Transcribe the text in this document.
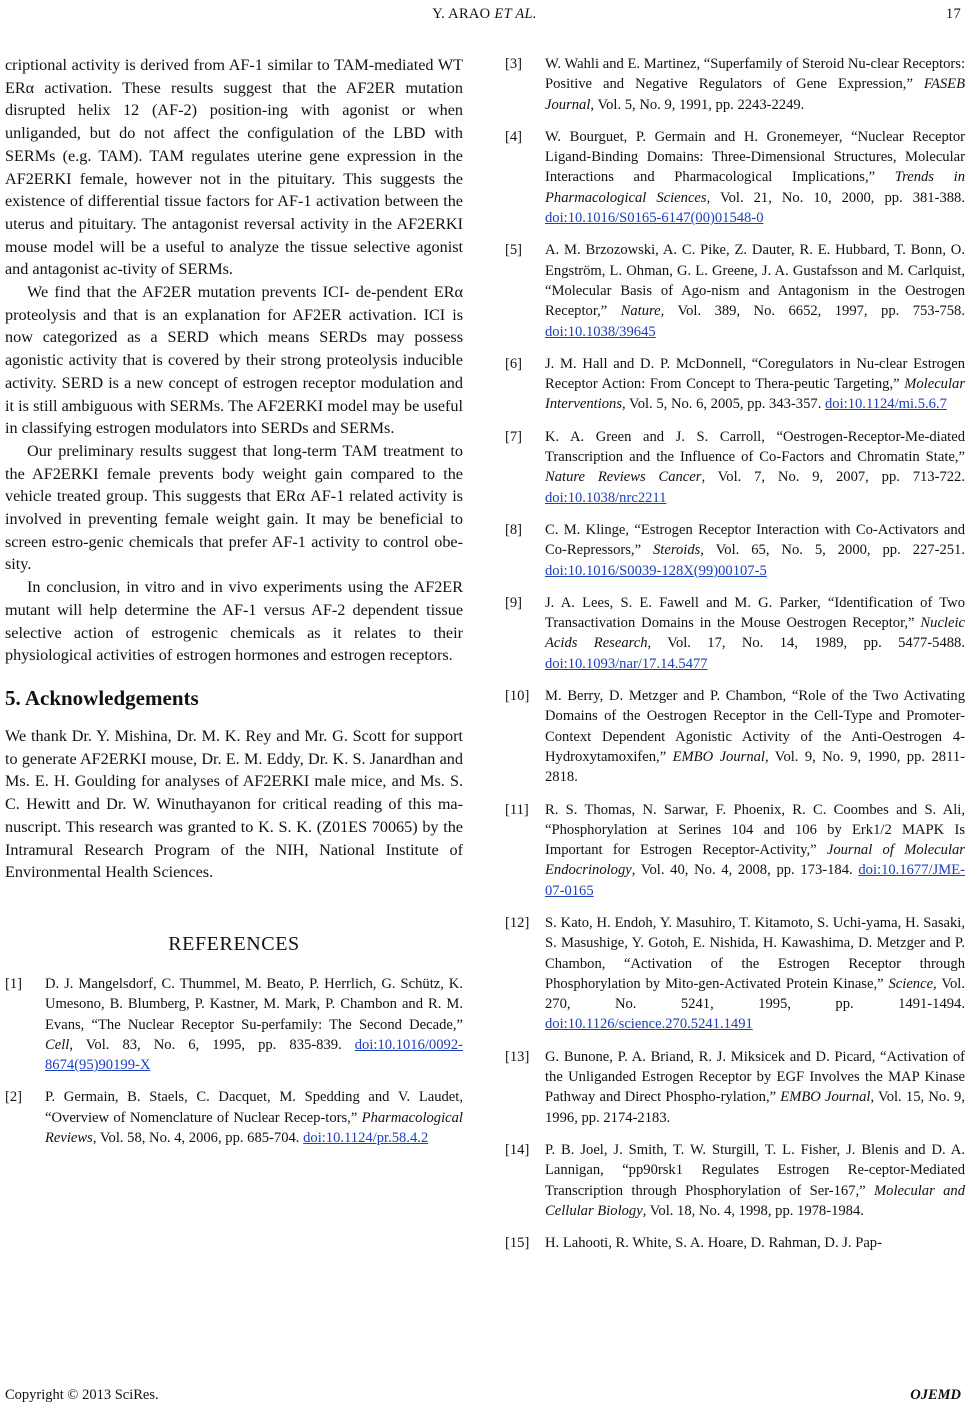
Y. ARAO ET AL.	17

criptional activity is derived from AF-1 similar to TAM-mediated WT ERα activation. These results suggest that the AF2ER mutation disrupted helix 12 (AF-2) position-ing with agonist or when unliganded, but do not affect the configulation of the LBD with SERMs (e.g. TAM). TAM regulates uterine gene expression in the AF2ERKI female, however not in the pituitary. This suggests the existence of differential tissue factors for AF-1 activation between the uterus and pituitary. The antagonist reversal activity in the AF2ERKI mouse model will be a useful to analyze the tissue selective agonist and antagonist ac-tivity of SERMs.

We find that the AF2ER mutation prevents ICI- de-pendent ERα proteolysis and that is an explanation for AF2ER activation. ICI is now categorized as a SERD which means SERDs may possess agonistic activity that is covered by their strong proteolysis inducible activity. SERD is a new concept of estrogen receptor modulation and it is still ambiguous with SERMs. The AF2ERKI model may be useful in classifying estrogen modulators into SERDs and SERMs.

Our preliminary results suggest that long-term TAM treatment to the AF2ERKI female prevents body weight gain compared to the vehicle treated group. This suggests that ERα AF-1 related activity is involved in preventing female weight gain. It may be beneficial to screen estro-genic chemicals that prefer AF-1 activity to control obe-sity.

In conclusion, in vitro and in vivo experiments using the AF2ER mutant will help determine the AF-1 versus AF-2 dependent tissue selective action of estrogenic chemicals as it relates to their physiological activities of estrogen hormones and estrogen receptors.

5. Acknowledgements

We thank Dr. Y. Mishina, Dr. M. K. Rey and Mr. G. Scott for support to generate AF2ERKI mouse, Dr. E. M. Eddy, Dr. K. S. Janardhan and Ms. E. H. Goulding for analyses of AF2ERKI male mice, and Ms. S. C. Hewitt and Dr. W. Winuthayanon for critical reading of this ma-nuscript. This research was granted to K. S. K. (Z01ES 70065) by the Intramural Research Program of the NIH, National Institute of Environmental Health Sciences.

REFERENCES
[1]	D. J. Mangelsdorf, C. Thummel, M. Beato, P. Herrlich, G. Schütz, K. Umesono, B. Blumberg, P. Kastner, M. Mark, P. Chambon and R. M. Evans, “The Nuclear Receptor Su-perfamily: The Second Decade,” Cell, Vol. 83, No. 6, 1995, pp. 835-839. doi:10.1016/0092-8674(95)90199-X
[2]	P. Germain, B. Staels, C. Dacquet, M. Spedding and V. Laudet, “Overview of Nomenclature of Nuclear Recep-tors,” Pharmacological Reviews, Vol. 58, No. 4, 2006, pp. 685-704. doi:10.1124/pr.58.4.2
[3]	W. Wahli and E. Martinez, “Superfamily of Steroid Nu-clear Receptors: Positive and Negative Regulators of Gene Expression,” FASEB Journal, Vol. 5, No. 9, 1991, pp. 2243-2249.
[4]	W. Bourguet, P. Germain and H. Gronemeyer, “Nuclear Receptor Ligand-Binding Domains: Three-Dimensional Structures, Molecular Interactions and Pharmacological Implications,” Trends in Pharmacological Sciences, Vol. 21, No. 10, 2000, pp. 381-388. doi:10.1016/S0165-6147(00)01548-0
[5]	A. M. Brzozowski, A. C. Pike, Z. Dauter, R. E. Hubbard, T. Bonn, O. Engström, L. Ohman, G. L. Greene, J. A. Gustafsson and M. Carlquist, “Molecular Basis of Ago-nism and Antagonism in the Oestrogen Receptor,” Nature, Vol. 389, No. 6652, 1997, pp. 753-758. doi:10.1038/39645
[6]	J. M. Hall and D. P. McDonnell, “Coregulators in Nu-clear Estrogen Receptor Action: From Concept to Thera-peutic Targeting,” Molecular Interventions, Vol. 5, No. 6, 2005, pp. 343-357. doi:10.1124/mi.5.6.7
[7]	K. A. Green and J. S. Carroll, “Oestrogen-Receptor-Me-diated Transcription and the Influence of Co-Factors and Chromatin State,” Nature Reviews Cancer, Vol. 7, No. 9, 2007, pp. 713-722. doi:10.1038/nrc2211
[8]	C. M. Klinge, “Estrogen Receptor Interaction with Co-Activators and Co-Repressors,” Steroids, Vol. 65, No. 5, 2000, pp. 227-251. doi:10.1016/S0039-128X(99)00107-5
[9]	J. A. Lees, S. E. Fawell and M. G. Parker, “Identification of Two Transactivation Domains in the Mouse Oestrogen Receptor,” Nucleic Acids Research, Vol. 17, No. 14, 1989, pp. 5477-5488. doi:10.1093/nar/17.14.5477
[10]	M. Berry, D. Metzger and P. Chambon, “Role of the Two Activating Domains of the Oestrogen Receptor in the Cell-Type and Promoter-Context Dependent Agonistic Activity of the Anti-Oestrogen 4-Hydroxytamoxifen,” EMBO Journal, Vol. 9, No. 9, 1990, pp. 2811-2818.
[11]	R. S. Thomas, N. Sarwar, F. Phoenix, R. C. Coombes and S. Ali, “Phosphorylation at Serines 104 and 106 by Erk1/2 MAPK Is Important for Estrogen Receptor-Activity,” Journal of Molecular Endocrinology, Vol. 40, No. 4, 2008, pp. 173-184. doi:10.1677/JME-07-0165
[12]	S. Kato, H. Endoh, Y. Masuhiro, T. Kitamoto, S. Uchi-yama, H. Sasaki, S. Masushige, Y. Gotoh, E. Nishida, H. Kawashima, D. Metzger and P. Chambon, “Activation of the Estrogen Receptor through Phosphorylation by Mito-gen-Activated Protein Kinase,” Science, Vol. 270, No. 5241, 1995, pp. 1491-1494. doi:10.1126/science.270.5241.1491
[13]	G. Bunone, P. A. Briand, R. J. Miksicek and D. Picard, “Activation of the Unliganded Estrogen Receptor by EGF Involves the MAP Kinase Pathway and Direct Phospho-rylation,” EMBO Journal, Vol. 15, No. 9, 1996, pp. 2174-2183.
[14]	P. B. Joel, J. Smith, T. W. Sturgill, T. L. Fisher, J. Blenis and D. A. Lannigan, “pp90rsk1 Regulates Estrogen Re-ceptor-Mediated Transcription through Phosphorylation of Ser-167,” Molecular and Cellular Biology, Vol. 18, No. 4, 1998, pp. 1978-1984.
[15]	H. Lahooti, R. White, S. A. Hoare, D. Rahman, D. J. Pap-
Copyright © 2013 SciRes.	OJEMD
